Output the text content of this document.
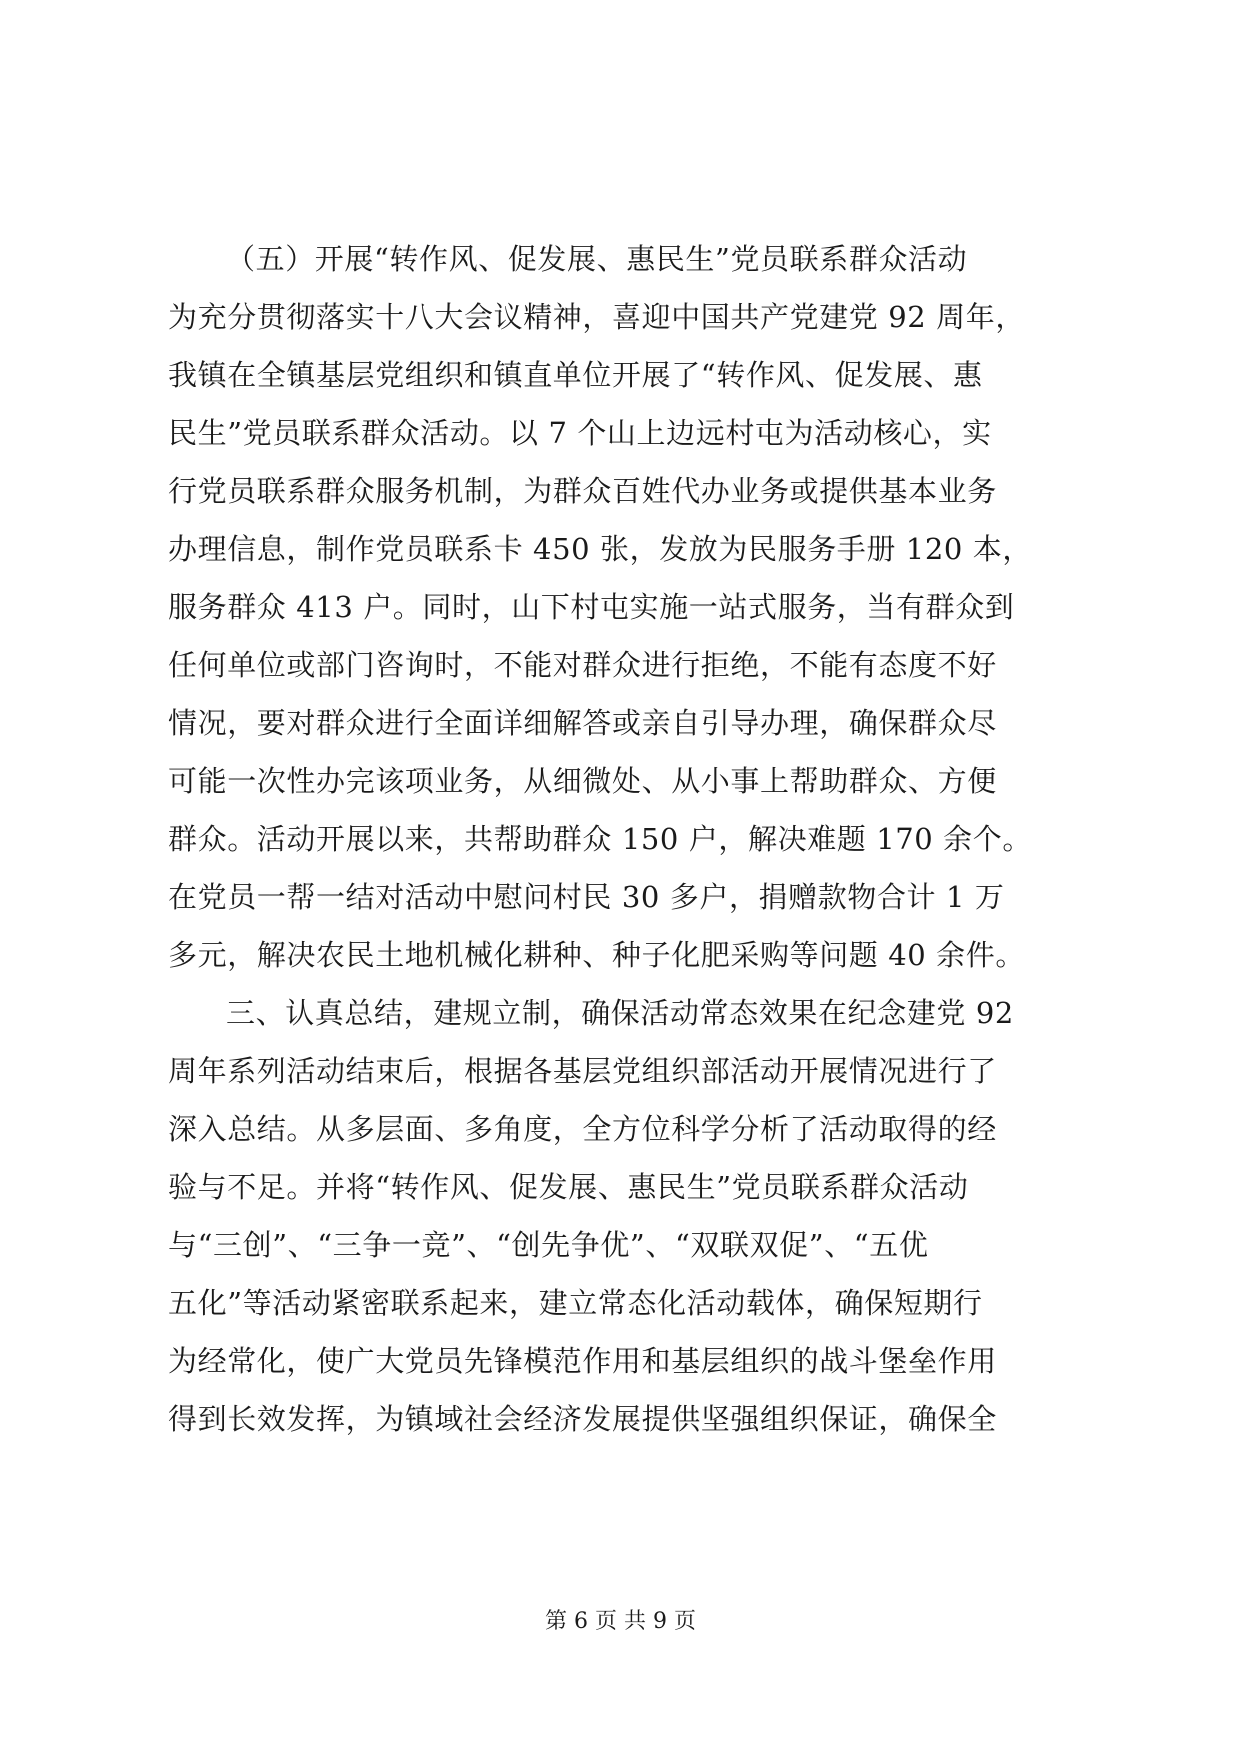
（五）开展“转作风、促发展、惠民生”党员联系群众活动
为充分贯彻落实十八大会议精神，喜迎中国共产党建党 92 周年，
我镇在全镇基层党组织和镇直单位开展了“转作风、促发展、惠
民生”党员联系群众活动。以 7 个山上边远村屯为活动核心，实
行党员联系群众服务机制，为群众百姓代办业务或提供基本业务
办理信息，制作党员联系卡 450 张，发放为民服务手册 120 本，
服务群众 413 户。同时，山下村屯实施一站式服务，当有群众到
任何单位或部门咨询时，不能对群众进行拒绝，不能有态度不好
情况，要对群众进行全面详细解答或亲自引导办理，确保群众尽
可能一次性办完该项业务，从细微处、从小事上帮助群众、方便
群众。活动开展以来，共帮助群众 150 户，解决难题 170 余个。
在党员一帮一结对活动中慰问村民 30 多户，捐赠款物合计 1 万
多元，解决农民土地机械化耕种、种子化肥采购等问题 40 余件。
三、认真总结，建规立制，确保活动常态效果在纪念建党 92
周年系列活动结束后，根据各基层党组织部活动开展情况进行了
深入总结。从多层面、多角度，全方位科学分析了活动取得的经
验与不足。并将“转作风、促发展、惠民生”党员联系群众活动
与“三创”、“三争一竞”、“创先争优”、“双联双促”、“五优
五化”等活动紧密联系起来，建立常态化活动载体，确保短期行
为经常化，使广大党员先锋模范作用和基层组织的战斗堡垒作用
得到长效发挥，为镇域社会经济发展提供坚强组织保证，确保全
第 6 页 共 9 页
